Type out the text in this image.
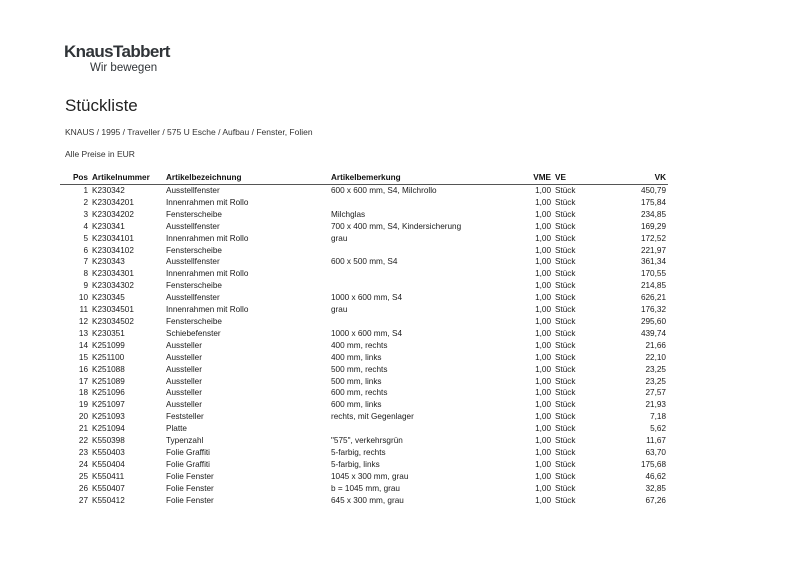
KnausTabbert
Wir bewegen
Stückliste
KNAUS / 1995 / Traveller / 575 U Esche / Aufbau / Fenster, Folien
Alle Preise in EUR
Pos	Artikelnummer	Artikelbezeichnung	Artikelbemerkung	VME	VE	VK
1	K230342	Ausstellfenster	600 x 600 mm, S4, Milchrollo	1,00	Stück	450,79
2	K23034201	Innenrahmen mit Rollo		1,00	Stück	175,84
3	K23034202	Fensterscheibe	Milchglas	1,00	Stück	234,85
4	K230341	Ausstellfenster	700 x 400 mm, S4, Kindersicherung	1,00	Stück	169,29
5	K23034101	Innenrahmen mit Rollo	grau	1,00	Stück	172,52
6	K23034102	Fensterscheibe		1,00	Stück	221,97
7	K230343	Ausstellfenster	600 x 500 mm, S4	1,00	Stück	361,34
8	K23034301	Innenrahmen mit Rollo		1,00	Stück	170,55
9	K23034302	Fensterscheibe		1,00	Stück	214,85
10	K230345	Ausstellfenster	1000 x 600 mm, S4	1,00	Stück	626,21
11	K23034501	Innenrahmen mit Rollo	grau	1,00	Stück	176,32
12	K23034502	Fensterscheibe		1,00	Stück	295,60
13	K230351	Schiebefenster	1000 x 600 mm, S4	1,00	Stück	439,74
14	K251099	Aussteller	400 mm, rechts	1,00	Stück	21,66
15	K251100	Aussteller	400 mm, links	1,00	Stück	22,10
16	K251088	Aussteller	500 mm, rechts	1,00	Stück	23,25
17	K251089	Aussteller	500 mm, links	1,00	Stück	23,25
18	K251096	Aussteller	600 mm, rechts	1,00	Stück	27,57
19	K251097	Aussteller	600 mm, links	1,00	Stück	21,93
20	K251093	Feststeller	rechts, mit Gegenlager	1,00	Stück	7,18
21	K251094	Platte		1,00	Stück	5,62
22	K550398	Typenzahl	"575", verkehrsgrün	1,00	Stück	11,67
23	K550403	Folie Graffiti	5-farbig, rechts	1,00	Stück	63,70
24	K550404	Folie Graffiti	5-farbig, links	1,00	Stück	175,68
25	K550411	Folie Fenster	1045 x 300 mm, grau	1,00	Stück	46,62
26	K550407	Folie Fenster	b = 1045 mm, grau	1,00	Stück	32,85
27	K550412	Folie Fenster	645 x 300 mm, grau	1,00	Stück	67,26
